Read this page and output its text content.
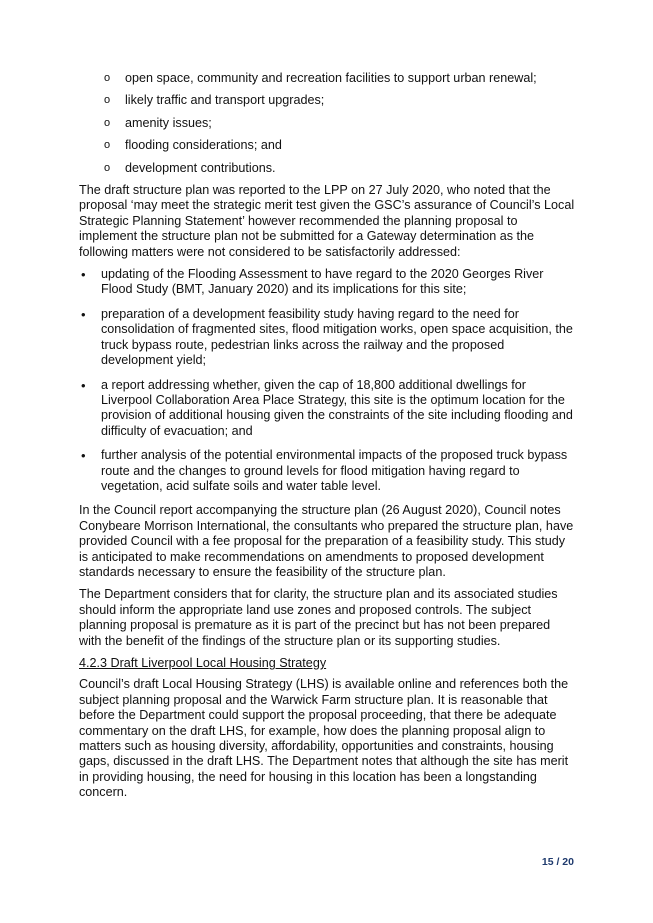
o open space, community and recreation facilities to support urban renewal;
o likely traffic and transport upgrades;
o amenity issues;
o flooding considerations; and
o development contributions.

The draft structure plan was reported to the LPP on 27 July 2020, who noted that the proposal ‘may meet the strategic merit test given the GSC’s assurance of Council’s Local Strategic Planning Statement’ however recommended the planning proposal to implement the structure plan not be submitted for a Gateway determination as the following matters were not considered to be satisfactorily addressed:

• updating of the Flooding Assessment to have regard to the 2020 Georges River Flood Study (BMT, January 2020) and its implications for this site;
• preparation of a development feasibility study having regard to the need for consolidation of fragmented sites, flood mitigation works, open space acquisition, the truck bypass route, pedestrian links across the railway and the proposed development yield;
• a report addressing whether, given the cap of 18,800 additional dwellings for Liverpool Collaboration Area Place Strategy, this site is the optimum location for the provision of additional housing given the constraints of the site including flooding and difficulty of evacuation; and
• further analysis of the potential environmental impacts of the proposed truck bypass route and the changes to ground levels for flood mitigation having regard to vegetation, acid sulfate soils and water table level.

In the Council report accompanying the structure plan (26 August 2020), Council notes Conybeare Morrison International, the consultants who prepared the structure plan, have provided Council with a fee proposal for the preparation of a feasibility study. This study is anticipated to make recommendations on amendments to proposed development standards necessary to ensure the feasibility of the structure plan.

The Department considers that for clarity, the structure plan and its associated studies should inform the appropriate land use zones and proposed controls. The subject planning proposal is premature as it is part of the precinct but has not been prepared with the benefit of the findings of the structure plan or its supporting studies.

4.2.3 Draft Liverpool Local Housing Strategy

Council’s draft Local Housing Strategy (LHS) is available online and references both the subject planning proposal and the Warwick Farm structure plan. It is reasonable that before the Department could support the proposal proceeding, that there be adequate commentary on the draft LHS, for example, how does the planning proposal align to matters such as housing diversity, affordability, opportunities and constraints, housing gaps, discussed in the draft LHS. The Department notes that although the site has merit in providing housing, the need for housing in this location has been a longstanding concern.

15 / 20
